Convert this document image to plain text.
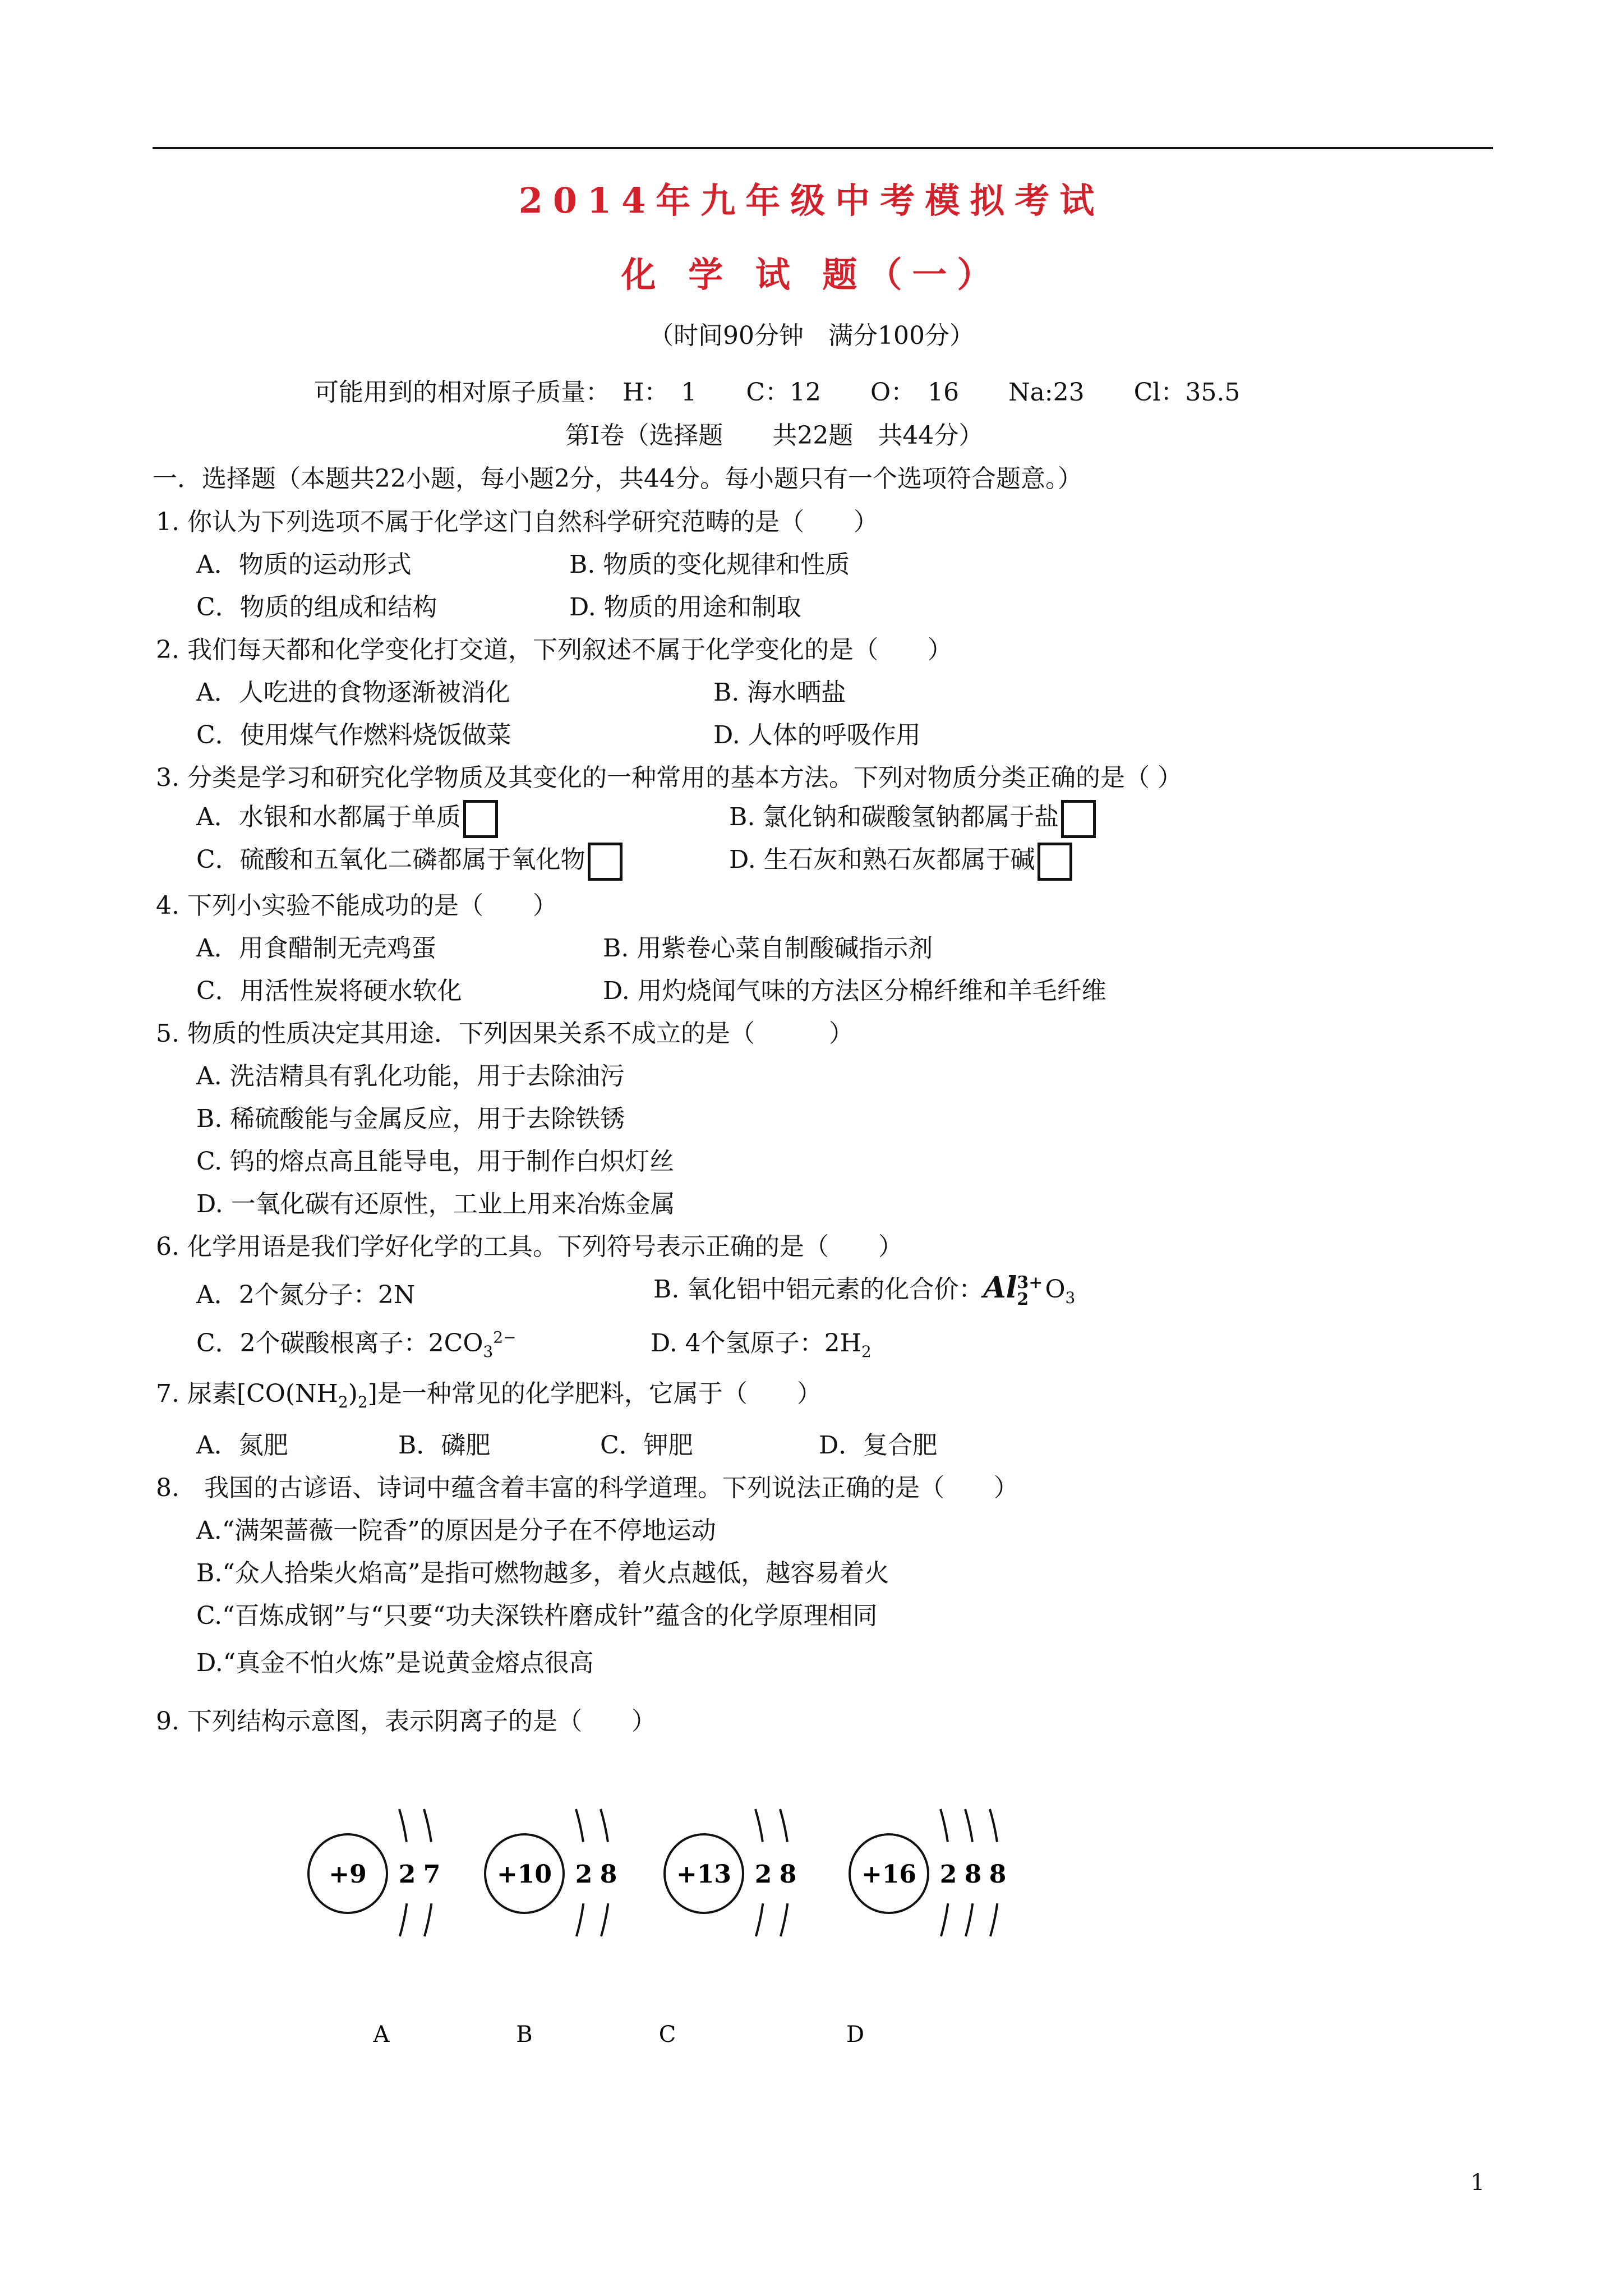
2014年九年级中考模拟考试
化 学 试 题（一）
（时间90分钟　满分100分）
可能用到的相对原子质量：　H：　1　　C：12　　O：　16　　Na:23　　Cl：35.5
第Ⅰ卷（选择题　　共22题　共44分）
一．选择题（本题共22小题，每小题2分，共44分。每小题只有一个选项符合题意。）
1. 你认为下列选项不属于化学这门自然科学研究范畴的是（　　）
A．物质的运动形式	B. 物质的变化规律和性质
C．物质的组成和结构	D. 物质的用途和制取
2. 我们每天都和化学变化打交道，下列叙述不属于化学变化的是（　　）
A．人吃进的食物逐渐被消化	B. 海水晒盐
C．使用煤气作燃料烧饭做菜	D. 人体的呼吸作用
3. 分类是学习和研究化学物质及其变化的一种常用的基本方法。下列对物质分类正确的是（ ）
A．水银和水都属于单质	B. 氯化钠和碳酸氢钠都属于盐
C．硫酸和五氧化二磷都属于氧化物	D. 生石灰和熟石灰都属于碱
4. 下列小实验不能成功的是（　　）
A．用食醋制无壳鸡蛋	B. 用紫卷心菜自制酸碱指示剂
C．用活性炭将硬水软化	D. 用灼烧闻气味的方法区分棉纤维和羊毛纤维
5. 物质的性质决定其用途．下列因果关系不成立的是（　　　）
A. 洗洁精具有乳化功能，用于去除油污
B. 稀硫酸能与金属反应，用于去除铁锈
C. 钨的熔点高且能导电，用于制作白炽灯丝
D. 一氧化碳有还原性，工业上用来冶炼金属
6. 化学用语是我们学好化学的工具。下列符号表示正确的是（　　）
A．2个氮分子：2N	B. 氧化铝中铝元素的化合价：Al 3+
2 $O_3$
C．2个碳酸根离子：$2CO_3^{2-}$	D. 4个氢原子：$2H_2$
7. 尿素$[CO(NH_2)_2]$是一种常见的化学肥料，它属于（　　）
A．氮肥	B．磷肥	C．钾肥	D．复合肥
8.　我国的古谚语、诗词中蕴含着丰富的科学道理。下列说法正确的是（　　）
A.“满架蔷薇一院香”的原因是分子在不停地运动
B.“众人拾柴火焰高”是指可燃物越多，着火点越低，越容易着火
C.“百炼成钢”与“只要“功夫深铁杵磨成针”蕴含的化学原理相同
D.“真金不怕火炼”是说黄金熔点很高
9. 下列结构示意图，表示阴离子的是（　　）
+9 2 7
A
+10 2 8
B
+13 2 8
C
+16 2 8 8
D
1
